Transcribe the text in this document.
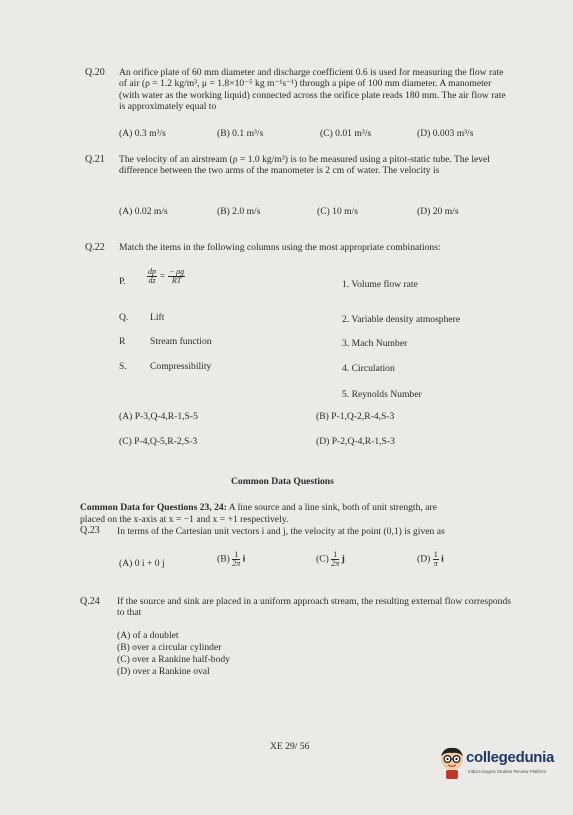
Q.20 An orifice plate of 60 mm diameter and discharge coefficient 0.6 is used for measuring the flow rate of air (ρ = 1.2 kg/m³, μ = 1.8×10⁻⁵ kg m⁻¹s⁻¹) through a pipe of 100 mm diameter. A manometer (with water as the working liquid) connected across the orifice plate reads 180 mm. The air flow rate is approximately equal to
(A) 0.3 m³/s	(B) 0.1 m³/s	(C) 0.01 m³/s	(D) 0.003 m³/s
Q.21 The velocity of an airstream (ρ = 1.0 kg/m³) is to be measured using a pitot-static tube. The level difference between the two arms of the manometer is 2 cm of water. The velocity is
(A) 0.02 m/s	(B) 2.0 m/s	(C) 10 m/s	(D) 20 m/s
Q.22 Match the items in the following columns using the most appropriate combinations:
P.	$\frac{dp}{dz} = \frac{- \rho g}{RT}$
Q. Lift
R	Stream function
S. Compressibility
1. Volume flow rate
2. Variable density atmosphere
3. Mach Number
4. Circulation
5. Reynolds Number
(A) P-3,Q-4,R-1,S-5	(B) P-1,Q-2,R-4,S-3
(C) P-4,Q-5,R-2,S-3	(D) P-2,Q-4,R-1,S-3
Common Data Questions
Common Data for Questions 23, 24: A line source and a line sink, both of unit strength, are
placed on the x-axis at x = −1 and x = +1 respectively.
Q.23 In terms of the Cartesian unit vectors i and j, the velocity at the point (0,1) is given as
(A) 0 i + 0 j	$(B) \frac{1}{2\pi}$ i	$(C) \frac{1}{2\pi}$ j	$(D) \frac{1}{\pi}$ i
Q.24 If the source and sink are placed in a uniform approach stream, the resulting external flow corresponds to that
(A) of a doublet
(B) over a circular cylinder
(C) over a Rankine half-body
(D) over a Rankine oval
XE 29/ 56
collegedunia
India's largest Student Review Platform
